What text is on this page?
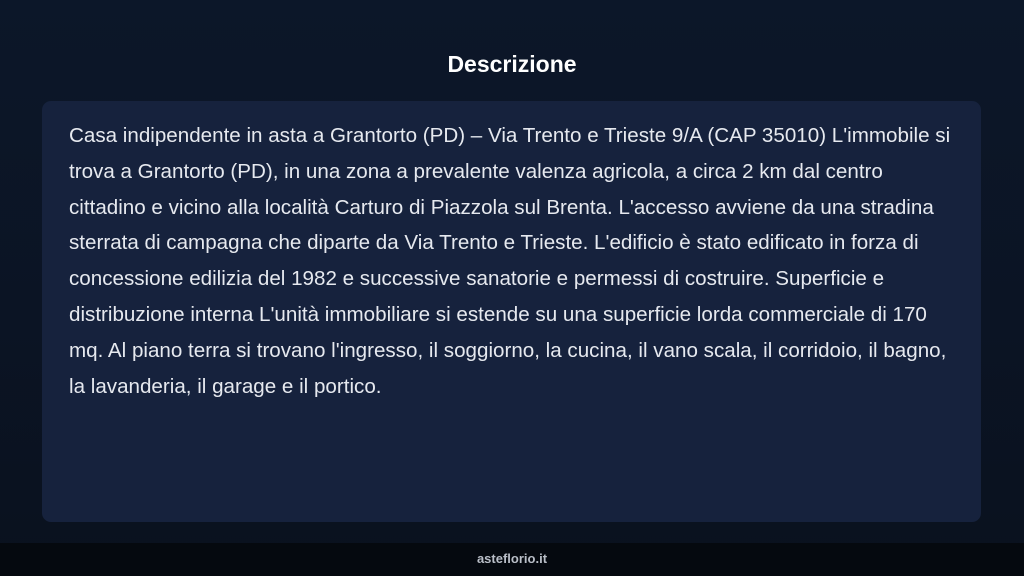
Descrizione

Casa indipendente in asta a Grantorto (PD) – Via Trento e Trieste 9/A (CAP 35010) L'immobile si trova a Grantorto (PD), in una zona a prevalente valenza agricola, a circa 2 km dal centro cittadino e vicino alla località Carturo di Piazzola sul Brenta. L'accesso avviene da una stradina sterrata di campagna che diparte da Via Trento e Trieste. L'edificio è stato edificato in forza di concessione edilizia del 1982 e successive sanatorie e permessi di costruire. Superficie e distribuzione interna L'unità immobiliare si estende su una superficie lorda commerciale di 170 mq. Al piano terra si trovano l'ingresso, il soggiorno, la cucina, il vano scala, il corridoio, il bagno, la lavanderia, il garage e il portico.

asteflorio.it
